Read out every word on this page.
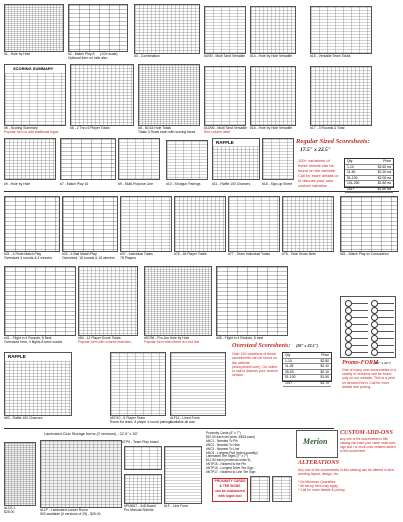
#1 - Hole by Hole	#2 - Match Play 8 (1/2x scale)
Optional form on side also	#3 - Combination	#4/00 - Multi Tarot Versatile #14 - Hole by Hole Versatile	#15 - Versatile Team Totals
SCORING SUMMARY
#6 - Scoring Summary
Popular form to add additional logos
#6 - 2 Thru 6 Player Totals	#8 - 60-64 Hole Totals
Totals 3 Rows each with scoring faces
#10/06 - Multi Tarot Versatile
Red column label
#16 - Hole by Hole Versatile	#17 - 3 Rounds & Total
Regular Sized Scoresheets:
17.5" x 22.5"
100+ variations of these sheets can be found on the website. Call for more details or to discuss your own custom variation
Qty	Price
1-10	$2.60 ea
11-50	$2.20 ea
51-100	$2.00 ea
101-250	$1.80 ea
251+	$1.60 ea
#9 - Hole by Hole	#7 - Match Play 16	#9 - Multi-Purpose Line	#10 - Shotgun Pairings
RAFFLE
#11 - Raffle 100 Chances	#18 - Sign-up Sheet
#31 - 4 Rnds Match Play
Oversized 4 rounds & 4 winners
#32 - 4 Ball Match Play
Oversized, 16 rounds & 16 winners
#37 - Individual Totals
78 Players
#76 - 48 Player Totals	#77 - Team Individual Totals	#78 - Total Gross Nets	#51 - Match Play w/ Consolation
#41 - Flight in 4 Rounds, 8 Best
Oversized form, 4 flights 8 best rounds
#50 - 12 Player Score Totals
Popular form with colored matched...
#57/56 - Pro-Am Hole by Hole
Popular form when there is a red line
#58 - Flight in 4 Rounds, 8 best
Promo-FORM
(20" x 22")
One of many new scoresheets in a variety of versions can be found only on our website. This is a print on demand form. Call for more details and pricing.
RAFFLE
#53 - Raffle 100 Chances	#57/10 - 5 Player Team
Room for team, 5 player 4 round pairings
#LF11 - Lined Form
Available all size
Oversized Scoresheets: (20" x 22.5")
Over 150 variations of these scoresheets can be found on the website (www.pindrill.com). Go online or call to discuss your custom version.
Qty	Price
1-10	$2.80
11-25	$2.40
26-50	$2.10
51-100	$1.90
101+	$1.70
Laminated Club Storage forms (2 versions) - 22.5" x 30"
#LCS-1
$25.00	#LLP - Laminated Locker Room
500 available (6 versions of 25) - $25.00
#TP5 - Team Play board
#PNM17 - 4x8 Board
Pro Manual Shields
#LF - Line Form
Proximity Cards (6" x 7")
$10.00 each set (sets: 4/$18 each)
#NC1 - Needed To Pin
#NC2 - Nearest To Hole
#NC3 - Nearest To Line
#NC5 - Longest Putt (holed quantity)
Laminated Tee Signs (7" x 7")
$12.50 each (minimum order 6)
#NTP15 - Nearest to the Pin
#NTP16 - Longest Drive Tee Sign
#NTP17 - Nearest to Line Tee Sign
PROXIMITY CARDS
& TEE SIGNS
can be customized
with logos too!
Merion
CUSTOM ADD-ONS
Any one of the scoresheets in this catalog can have your name multi-color logo and / or multi-color headers added to this scoresheet.
ALTERATIONS
Any one of the scoresheets in this catalog can be altered in size, wording layout, design, etc.
* No Minimum Quantities
* All set-up fees may apply
* Call for more details & pricing
